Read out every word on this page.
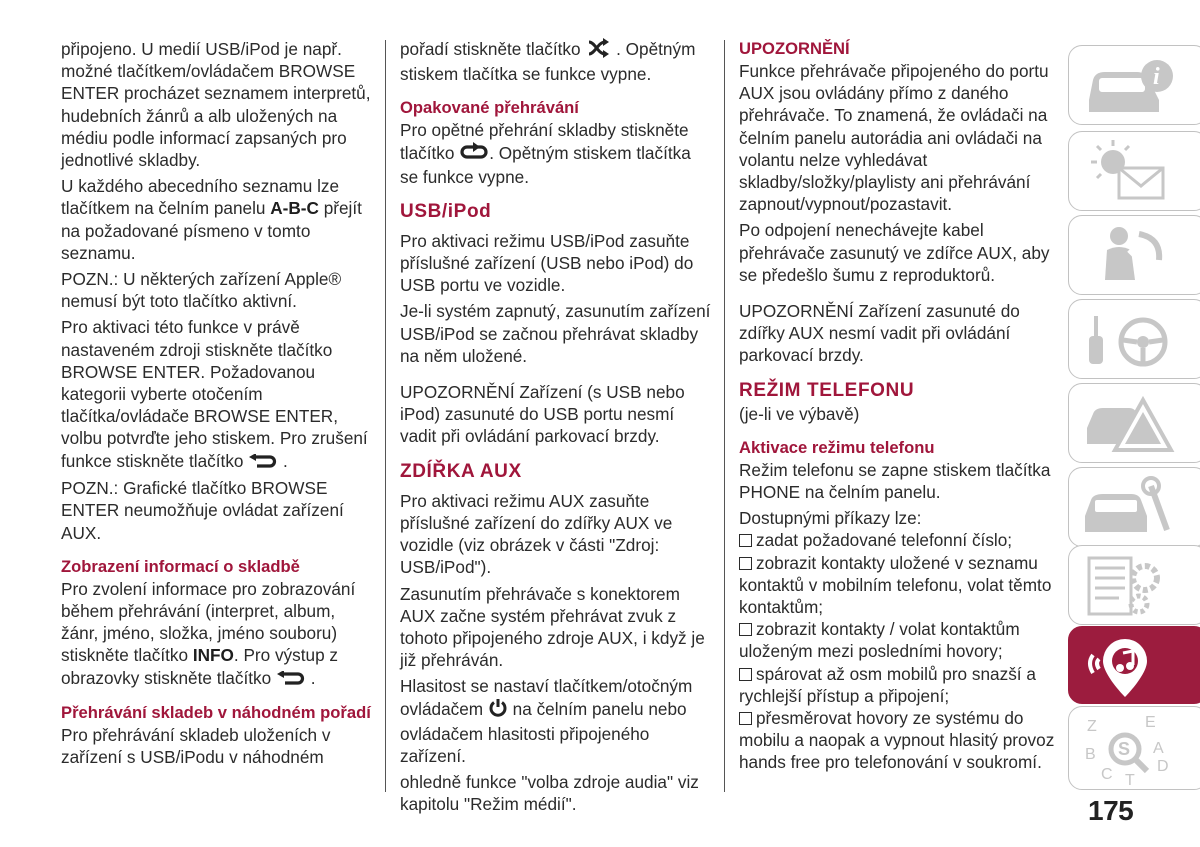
připojeno. U medií USB/iPod je např. možné tlačítkem/ovládačem BROWSE ENTER procházet seznamem interpretů, hudebních žánrů a alb uložených na médiu podle informací zapsaných pro jednotlivé skladby.

U každého abecedního seznamu lze tlačítkem na čelním panelu A-B-C přejít na požadované písmeno v tomto seznamu.

POZN.: U některých zařízení Apple® nemusí být toto tlačítko aktivní.

Pro aktivaci této funkce v právě nastaveném zdroji stiskněte tlačítko BROWSE ENTER. Požadovanou kategorii vyberte otočením tlačítka/ovládače BROWSE ENTER, volbu potvrďte jeho stiskem. Pro zrušení funkce stiskněte tlačítko  .

POZN.: Grafické tlačítko BROWSE ENTER neumožňuje ovládat zařízení AUX.

Zobrazení informací o skladbě

Pro zvolení informace pro zobrazování během přehrávání (interpret, album, žánr, jméno, složka, jméno souboru) stiskněte tlačítko INFO. Pro výstup z obrazovky stiskněte tlačítko  .

Přehrávání skladeb v náhodném pořadí

Pro přehrávání skladeb uloženích v zařízení s USB/iPodu v náhodném

pořadí stiskněte tlačítko  . Opětným stiskem tlačítka se funkce vypne.

Opakované přehrávání

Pro opětné přehrání skladby stiskněte tlačítko . Opětným stiskem tlačítka se funkce vypne.

USB/iPod

Pro aktivaci režimu USB/iPod zasuňte příslušné zařízení (USB nebo iPod) do USB portu ve vozidle.

Je-li systém zapnutý, zasunutím zařízení USB/iPod se začnou přehrávat skladby na něm uložené.

UPOZORNĚNÍ Zařízení (s USB nebo iPod) zasunuté do USB portu nesmí vadit při ovládání parkovací brzdy.

ZDÍŘKA AUX

Pro aktivaci režimu AUX zasuňte příslušné zařízení do zdířky AUX ve vozidle (viz obrázek v části "Zdroj: USB/iPod").

Zasunutím přehrávače s konektorem AUX začne systém přehrávat zvuk z tohoto připojeného zdroje AUX, i když je již přehráván.

Hlasitost se nastaví tlačítkem/otočným ovládačem  na čelním panelu nebo ovládačem hlasitosti připojeného zařízení.

ohledně funkce "volba zdroje audia" viz kapitolu "Režim médií".

UPOZORNĚNÍ

Funkce přehrávače připojeného do portu AUX jsou ovládány přímo z daného přehrávače. To znamená, že ovládači na čelním panelu autorádia ani ovládači na volantu nelze vyhledávat skladby/složky/playlisty ani přehrávání zapnout/vypnout/pozastavit.

Po odpojení nenechávejte kabel přehrávače zasunutý ve zdířce AUX, aby se předešlo šumu z reproduktorů.

UPOZORNĚNÍ Zařízení zasunuté do zdířky AUX nesmí vadit při ovládání parkovací brzdy.

REŽIM TELEFONU

(je-li ve výbavě)

Aktivace režimu telefonu

Režim telefonu se zapne stiskem tlačítka PHONE na čelním panelu.

Dostupnými příkazy lze:

zadat požadované telefonní číslo;
zobrazit kontakty uložené v seznamu kontaktů v mobilním telefonu, volat těmto kontaktům;
zobrazit kontakty / volat kontaktům uloženým mezi posledními hovory;
spárovat až osm mobilů pro snazší a rychlejší přístup a připojení;
přesměrovat hovory ze systému do mobilu a naopak a vypnout hlasitý provoz hands free pro telefonování v soukromí.
i
Z	E
B	A
C	D
T
S
175
